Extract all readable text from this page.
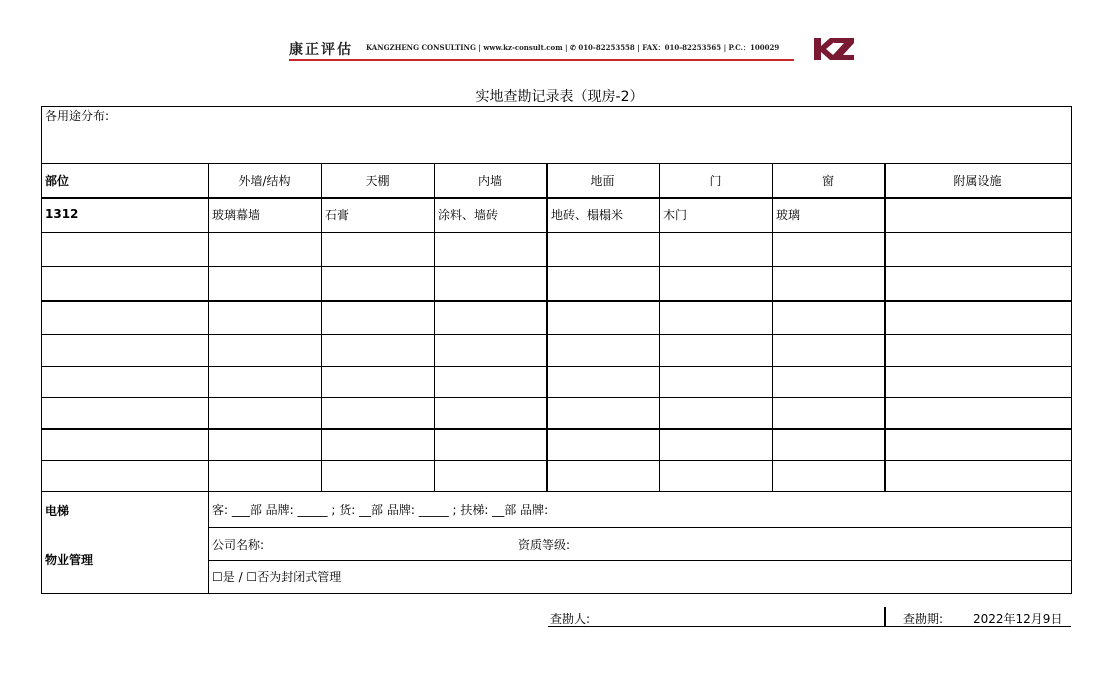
康正评估 KANGZHENG CONSULTING | www.kz-consult.com | ✆ 010-82253558 | FAX：010-82253565 | P.C.：100029
实地查勘记录表（现房-2）
各用途分布:
部位	外墙/结构	天棚	内墙	地面	门	窗	附属设施
1312	玻璃幕墙	石膏	涂料、墙砖	地砖、榻榻米	木门	玻璃
电梯	客: ___部 品牌: _____ ; 货: __部 品牌: _____ ; 扶梯: __部 品牌:
物业管理
公司名称:	资质等级:
☐是 / ☐否为封闭式管理
查勘人:	查勘期: 2022年12月9日
